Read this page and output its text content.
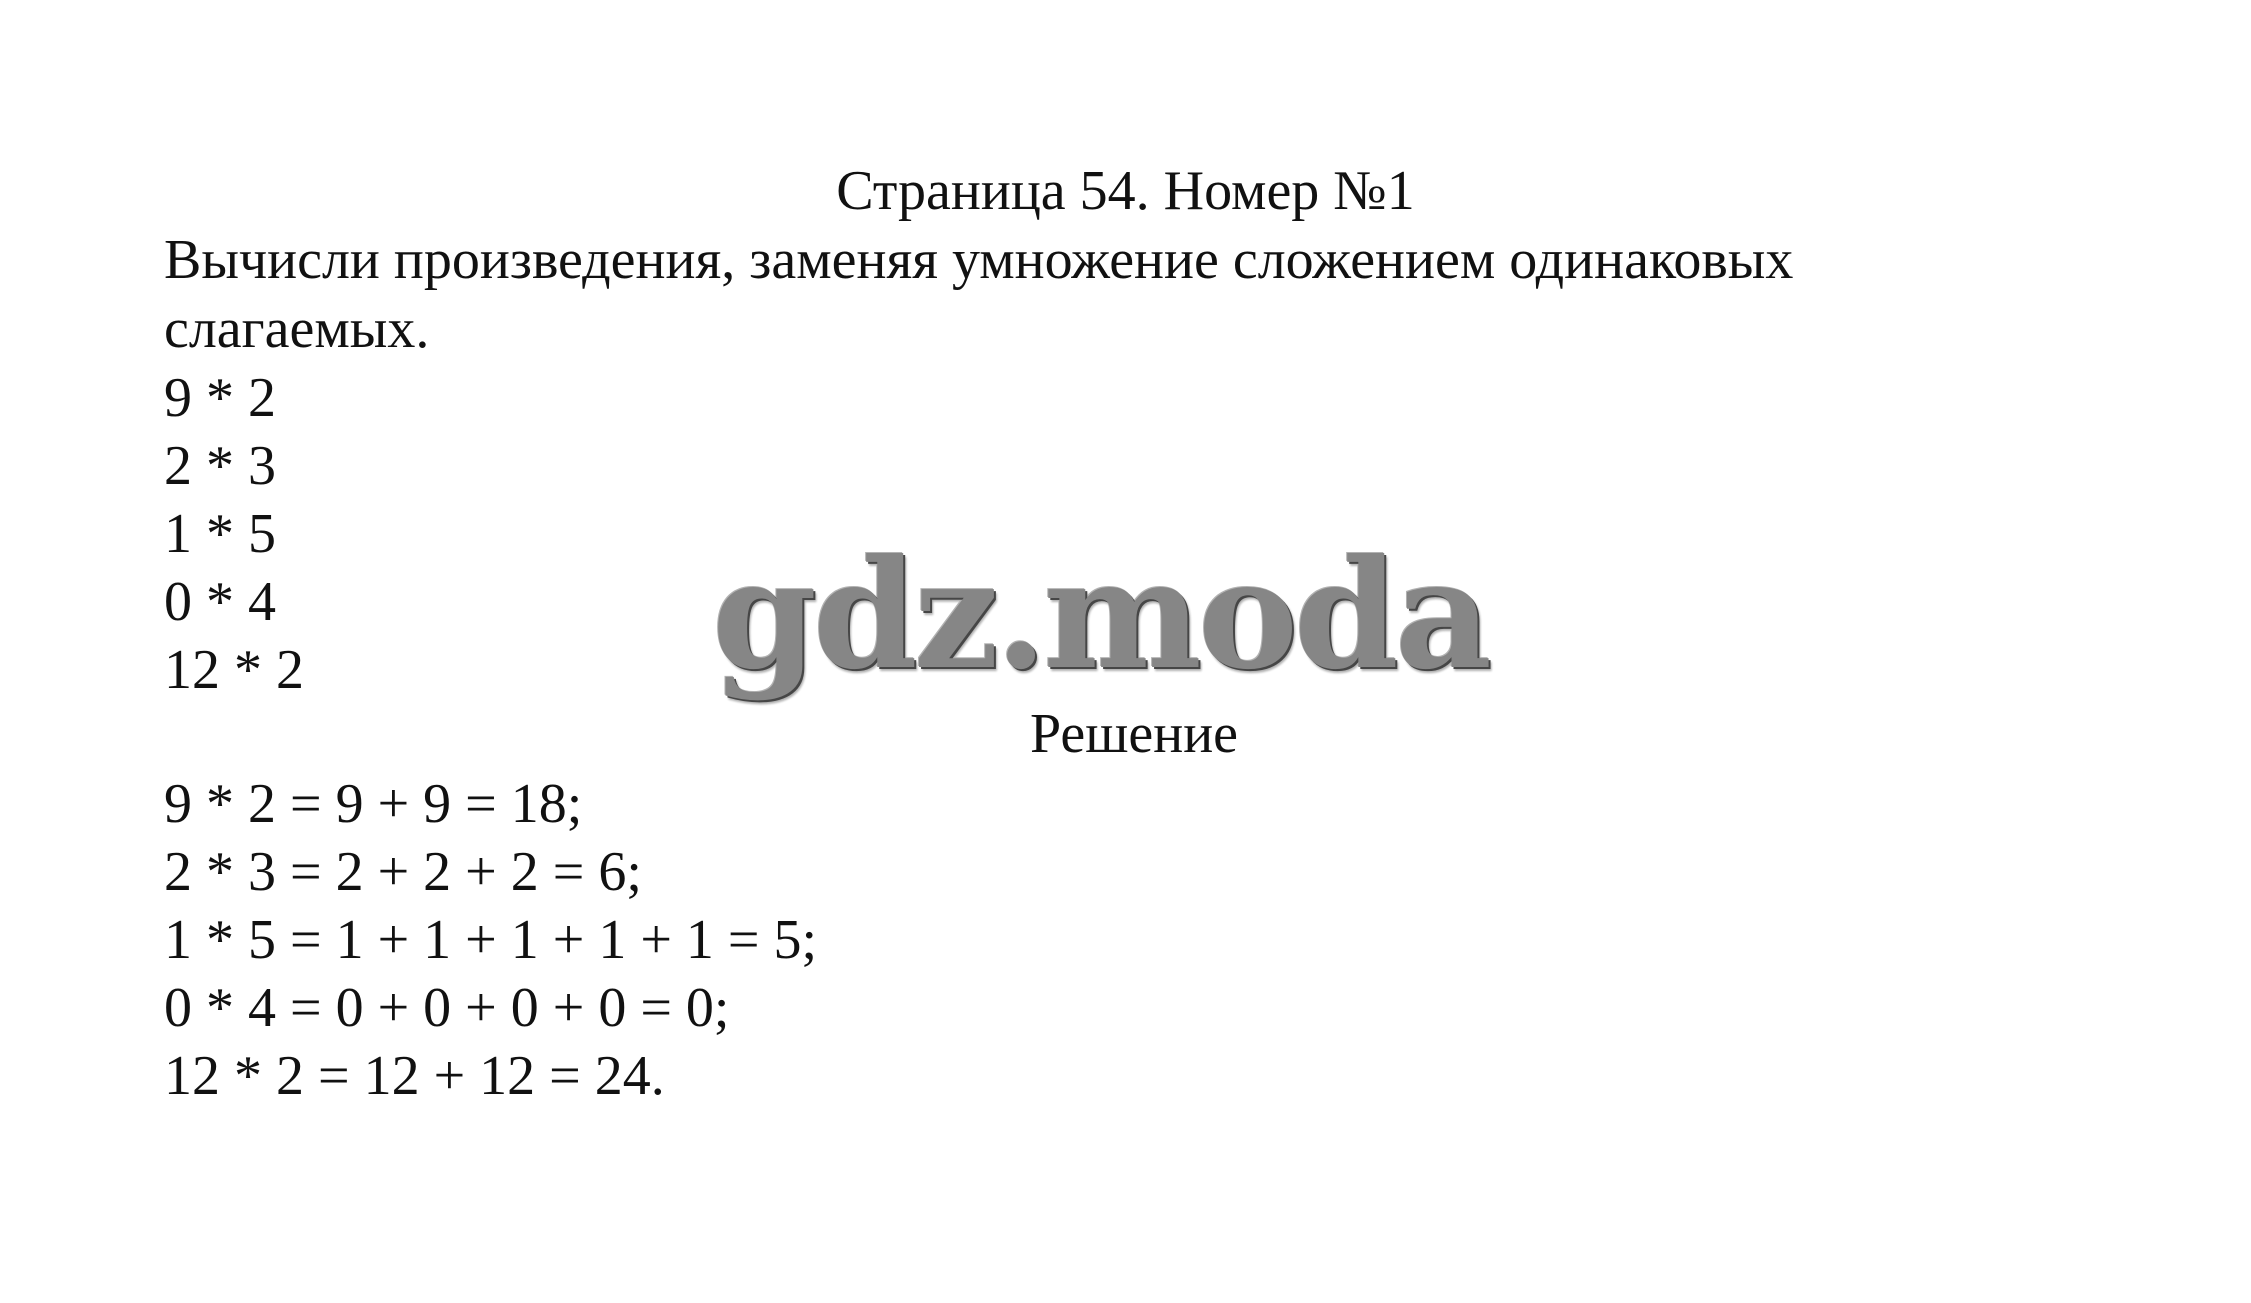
Страница 54. Номер №1

Вычисли произведения, заменяя умножение сложением одинаковых

слагаемых.

9 * 2

2 * 3

1 * 5

0 * 4

12 * 2	gdz.moda
Решение

9 * 2 = 9 + 9 = 18;

2 * 3 = 2 + 2 + 2 = 6;

1 * 5 = 1 + 1 + 1 + 1 + 1 = 5;

0 * 4 = 0 + 0 + 0 + 0 = 0;

12 * 2 = 12 + 12 = 24.
